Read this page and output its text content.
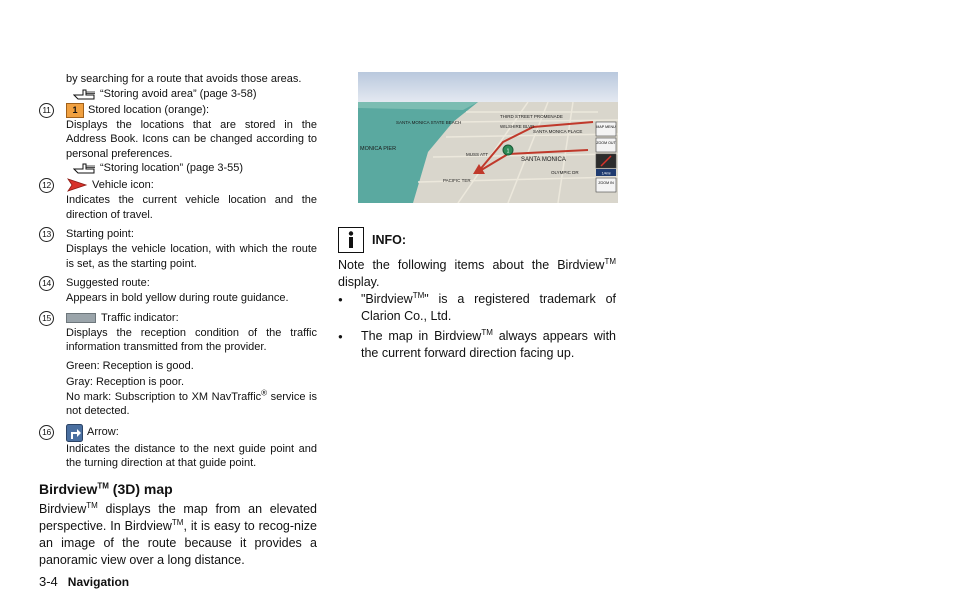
by searching for a route that avoids those areas.

“Storing avoid area” (page 3-58)
11	1 Stored location (orange):

Displays the locations that are stored in the Address Book. Icons can be changed according to personal preferences.

“Storing location” (page 3-55)
12	Vehicle icon:

Indicates the current vehicle location and the direction of travel.

13 Starting point:

Displays the vehicle location, with which the route is set, as the starting point.

14 Suggested route:

Appears in bold yellow during route guidance.

15	Traffic indicator:

Displays the reception condition of the traffic information transmitted from the provider.

Green: Reception is good.

Gray: Reception is poor.

No mark: Subscription to XM NavTraffic® service is not detected.

16	Arrow:

Indicates the distance to the next guide point and the turning direction at that guide point.

Birdview™ (3D) map

Birdview™ displays the map from an elevated perspective. In Birdview™, it is easy to recog-nize an image of the route because it provides a panoramic view over a long distance.

1
SANTA MONICA STATE BEACH
THIRD STREET PROMENADE
WILSHIRE BLVD
SANTA MONICA PLACE
MONICA PIER
MUSS ATT
SANTA MONICA
OLYMPIC DR
PACIFIC TER
MAP MENU
ZOOM OUT
1/4mi
ZOOM IN
INFO:

Note the following items about the Birdview™ display.

●	"Birdview™" is a registered trademark of Clarion Co., Ltd.
●	The map in Birdview™ always appears with the current forward direction facing up.
3-4 Navigation
